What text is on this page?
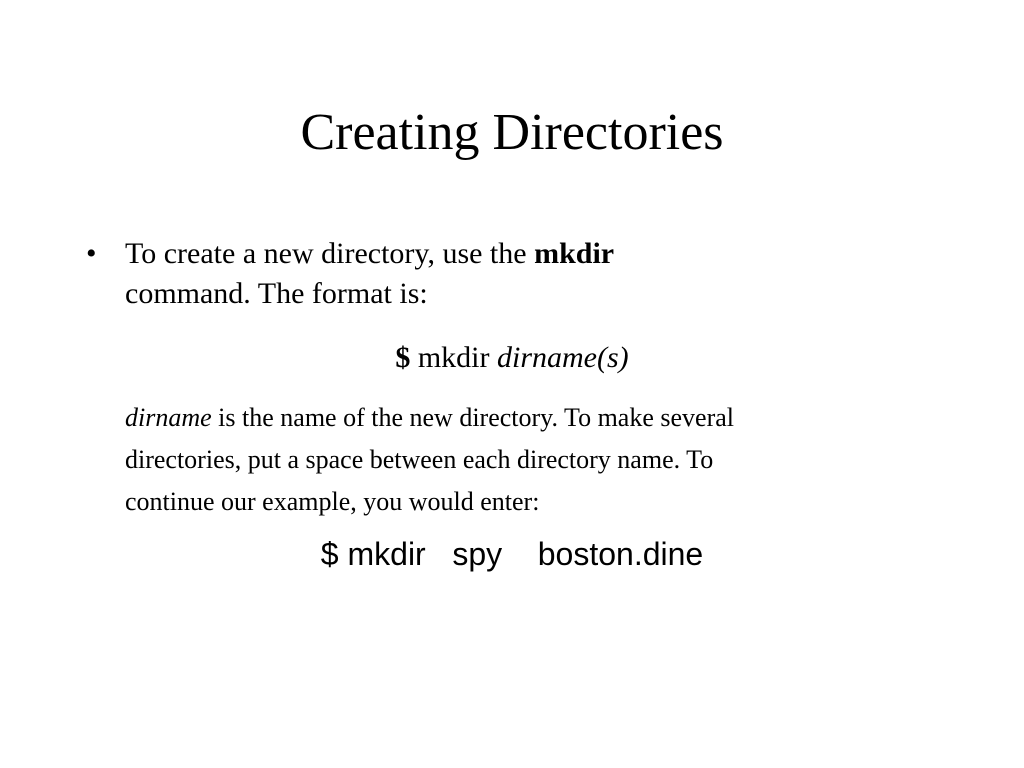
Creating Directories
• To create a new directory, use the mkdir
command. The format is:
$ mkdir dirname(s)
dirname is the name of the new directory. To make several
directories, put a space between each directory name. To
continue our example, you would enter:
$ mkdir   spy    boston.dine
